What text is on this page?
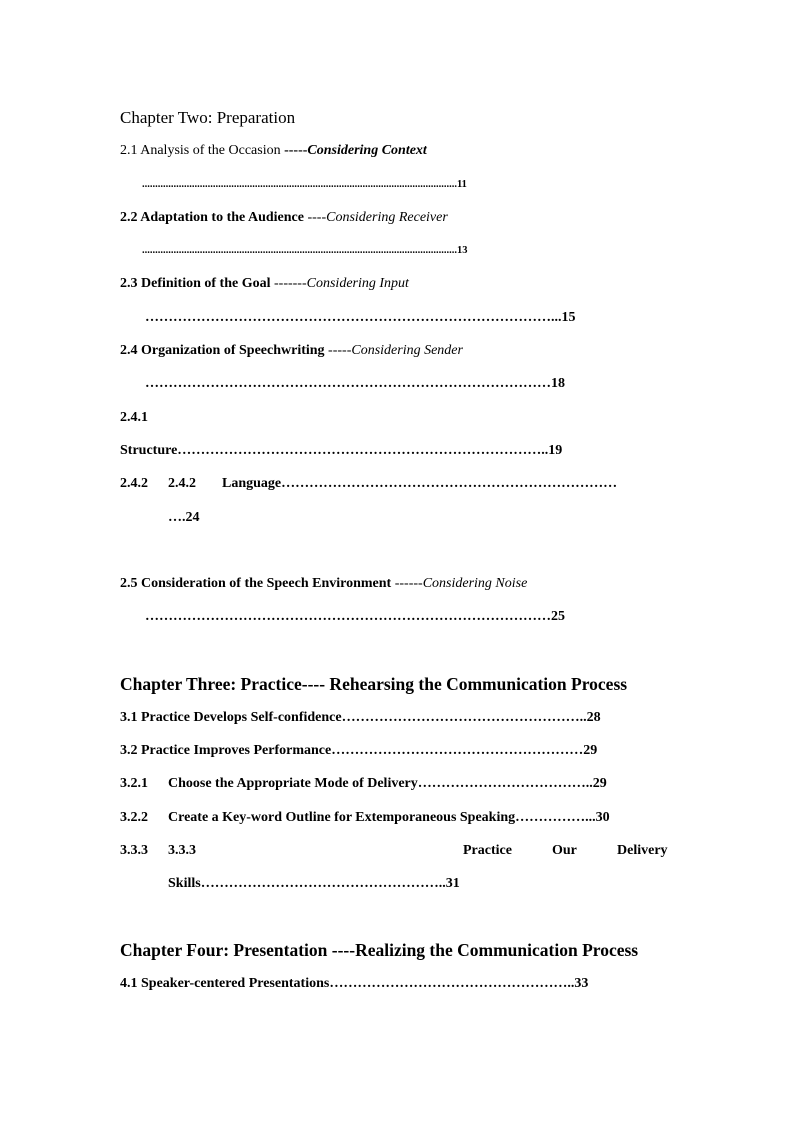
Chapter Two: Preparation
2.1 Analysis of the Occasion -----Considering Context
........................................................................................................................11
2.2 Adaptation to the Audience ----Considering Receiver
........................................................................................................................13
2.3 Definition of the Goal -------Considering Input
……………………………………………………………………………...15
2.4 Organization of Speechwriting -----Considering Sender
……………………………………………………………………………18
2.4.1
Structure……………………………………………………………………..19
2.4.2 2.4.2 Language………………………………………………………………
….24
2.5 Consideration of the Speech Environment ------Considering Noise
……………………………………………………………………………25
Chapter Three: Practice---- Rehearsing the Communication Process
3.1 Practice Develops Self-confidence……………………………………………..28
3.2 Practice Improves Performance………………………………………………29
3.2.1 Choose the Appropriate Mode of Delivery………………………………..29
3.2.2 Create a Key-word Outline for Extemporaneous Speaking……………...30
3.3.3 3.3.3	Practice	Our	Delivery
Skills……………………………………………..31
Chapter Four: Presentation ----Realizing the Communication Process
4.1 Speaker-centered Presentations……………………………………………..33
